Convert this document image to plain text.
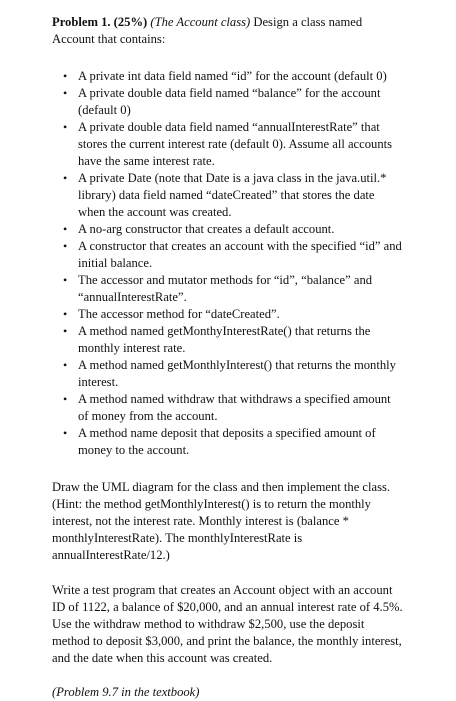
Problem 1. (25%) (The Account class) Design a class named Account that contains:

• A private int data field named “id” for the account (default 0)
• A private double data field named “balance” for the account (default 0)
• A private double data field named “annualInterestRate” that stores the current interest rate (default 0). Assume all accounts have the same interest rate.
• A private Date (note that Date is a java class in the java.util.* library) data field named “dateCreated” that stores the date when the account was created.
• A no-arg constructor that creates a default account.
• A constructor that creates an account with the specified “id” and initial balance.
• The accessor and mutator methods for “id”, “balance” and “annualInterestRate”.
• The accessor method for “dateCreated”.
• A method named getMonthyInterestRate() that returns the monthly interest rate.
• A method named getMonthlyInterest() that returns the monthly interest.
• A method named withdraw that withdraws a specified amount of money from the account.
• A method name deposit that deposits a specified amount of money to the account.

Draw the UML diagram for the class and then implement the class. (Hint: the method getMonthlyInterest() is to return the monthly interest, not the interest rate. Monthly interest is (balance * monthlyInterestRate). The monthlyInterestRate is annualInterestRate/12.)

Write a test program that creates an Account object with an account ID of 1122, a balance of $20,000, and an annual interest rate of 4.5%. Use the withdraw method to withdraw $2,500, use the deposit method to deposit $3,000, and print the balance, the monthly interest, and the date when this account was created.

(Problem 9.7 in the textbook)
